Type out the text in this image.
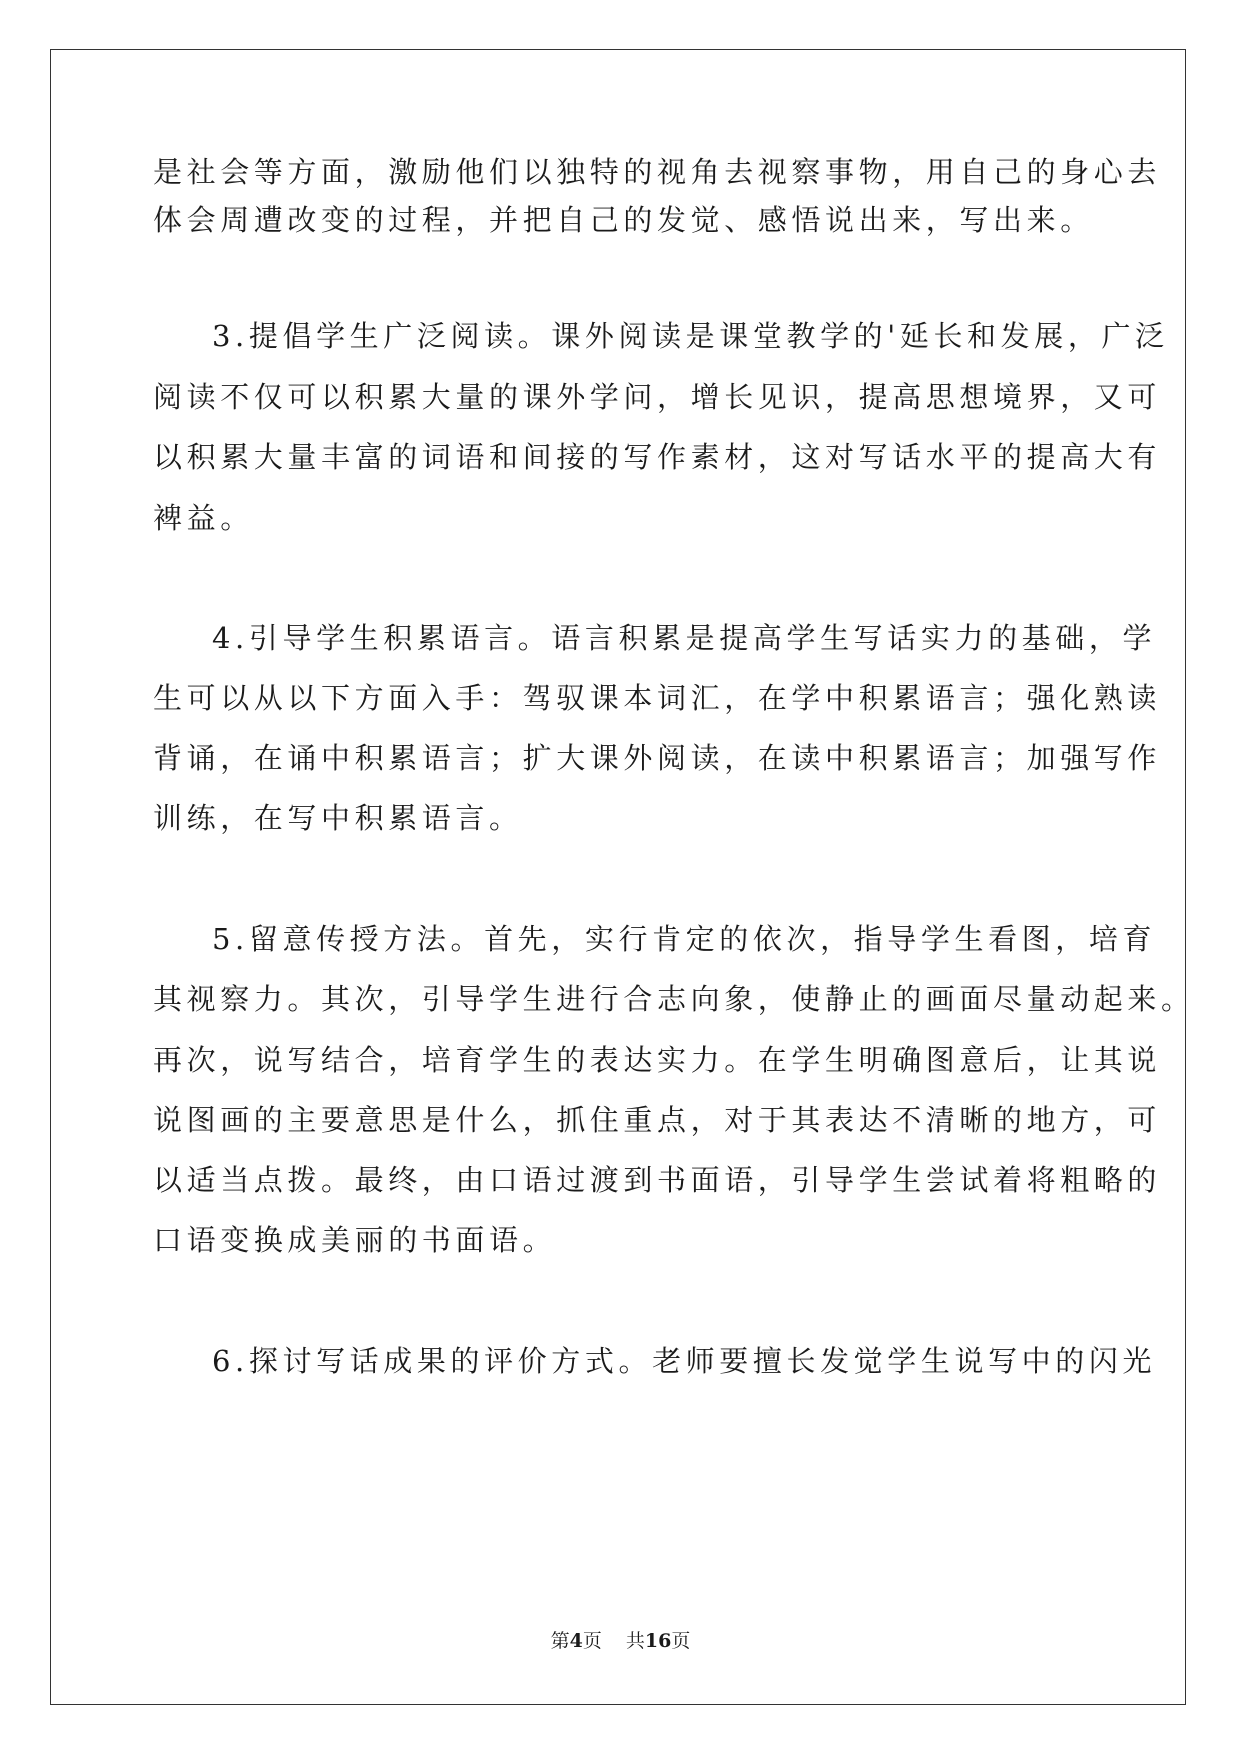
是社会等方面，激励他们以独特的视角去视察事物，用自己的身心去
体会周遭改变的过程，并把自己的发觉、感悟说出来，写出来。
3.提倡学生广泛阅读。课外阅读是课堂教学的'延长和发展，广泛
阅读不仅可以积累大量的课外学问，增长见识，提高思想境界，又可
以积累大量丰富的词语和间接的写作素材，这对写话水平的提高大有
裨益。
4.引导学生积累语言。语言积累是提高学生写话实力的基础，学
生可以从以下方面入手：驾驭课本词汇，在学中积累语言；强化熟读
背诵，在诵中积累语言；扩大课外阅读，在读中积累语言；加强写作
训练，在写中积累语言。
5.留意传授方法。首先，实行肯定的依次，指导学生看图，培育
其视察力。其次，引导学生进行合志向象，使静止的画面尽量动起来。
再次，说写结合，培育学生的表达实力。在学生明确图意后，让其说
说图画的主要意思是什么，抓住重点，对于其表达不清晰的地方，可
以适当点拨。最终，由口语过渡到书面语，引导学生尝试着将粗略的
口语变换成美丽的书面语。
6.探讨写话成果的评价方式。老师要擅长发觉学生说写中的闪光
第4页 共16页
